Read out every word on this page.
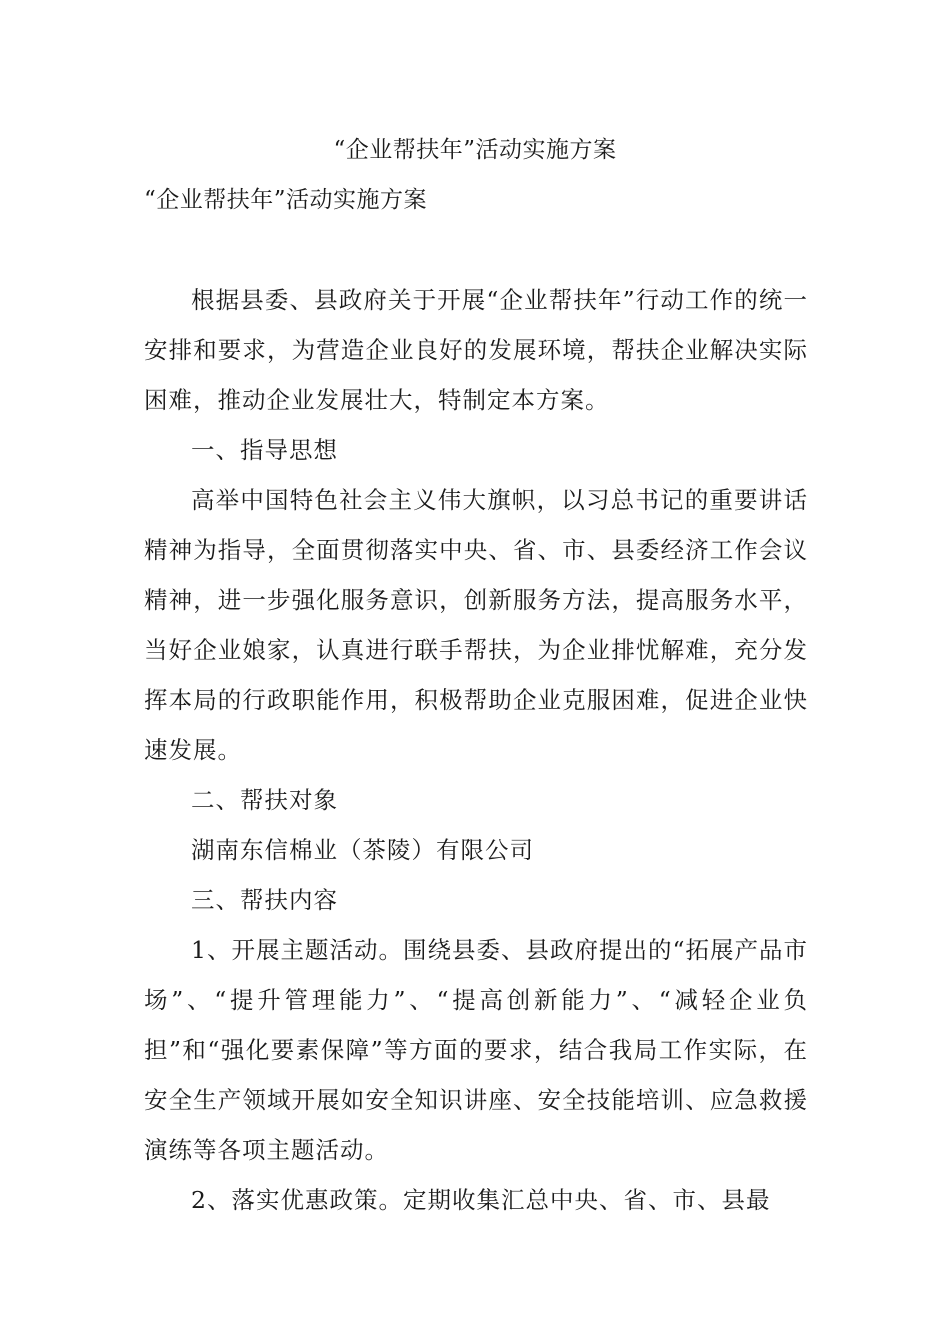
“企业帮扶年”活动实施方案
“企业帮扶年”活动实施方案

根据县委、县政府关于开展“企业帮扶年”行动工作的统一安排和要求，为营造企业良好的发展环境，帮扶企业解决实际困难，推动企业发展壮大，特制定本方案。

一、指导思想

高举中国特色社会主义伟大旗帜，以习总书记的重要讲话精神为指导，全面贯彻落实中央、省、市、县委经济工作会议精神，进一步强化服务意识，创新服务方法，提高服务水平，当好企业娘家，认真进行联手帮扶，为企业排忧解难，充分发挥本局的行政职能作用，积极帮助企业克服困难，促进企业快速发展。

二、帮扶对象

湖南东信棉业（茶陵）有限公司

三、帮扶内容

1、开展主题活动。围绕县委、县政府提出的“拓展产品市场”、“提升管理能力”、“提高创新能力”、“减轻企业负担”和“强化要素保障”等方面的要求，结合我局工作实际，在安全生产领域开展如安全知识讲座、安全技能培训、应急救援演练等各项主题活动。

2、落实优惠政策。定期收集汇总中央、省、市、县最
